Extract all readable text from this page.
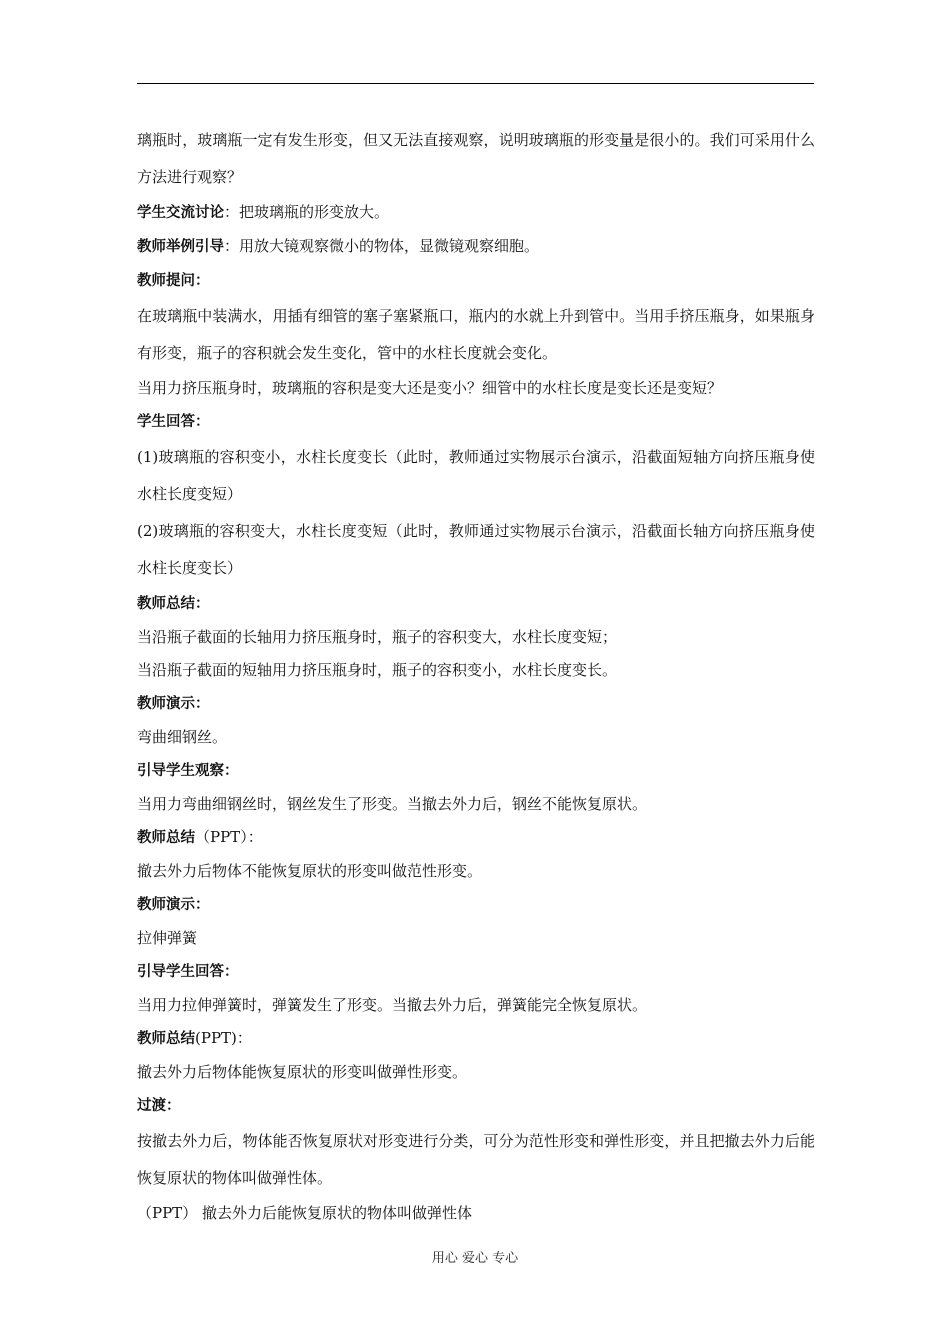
璃瓶时，玻璃瓶一定有发生形变，但又无法直接观察，说明玻璃瓶的形变量是很小的。我们可采用什么方法进行观察？

学生交流讨论：把玻璃瓶的形变放大。

教师举例引导：用放大镜观察微小的物体，显微镜观察细胞。

教师提问：

在玻璃瓶中装满水，用插有细管的塞子塞紧瓶口，瓶内的水就上升到管中。当用手挤压瓶身，如果瓶身有形变，瓶子的容积就会发生变化，管中的水柱长度就会变化。

当用力挤压瓶身时，玻璃瓶的容积是变大还是变小？细管中的水柱长度是变长还是变短？

学生回答：

(1)玻璃瓶的容积变小，水柱长度变长（此时，教师通过实物展示台演示，沿截面短轴方向挤压瓶身使水柱长度变短）

(2)玻璃瓶的容积变大，水柱长度变短（此时，教师通过实物展示台演示，沿截面长轴方向挤压瓶身使水柱长度变长）

教师总结：

当沿瓶子截面的长轴用力挤压瓶身时，瓶子的容积变大，水柱长度变短；

当沿瓶子截面的短轴用力挤压瓶身时，瓶子的容积变小，水柱长度变长。

教师演示：

弯曲细钢丝。

引导学生观察：

当用力弯曲细钢丝时，钢丝发生了形变。当撤去外力后，钢丝不能恢复原状。

教师总结（PPT）：

撤去外力后物体不能恢复原状的形变叫做范性形变。

教师演示：

拉伸弹簧

引导学生回答：

当用力拉伸弹簧时，弹簧发生了形变。当撤去外力后，弹簧能完全恢复原状。

教师总结(PPT)：

撤去外力后物体能恢复原状的形变叫做弹性形变。

过渡：

按撤去外力后，物体能否恢复原状对形变进行分类，可分为范性形变和弹性形变，并且把撤去外力后能恢复原状的物体叫做弹性体。

（PPT） 撤去外力后能恢复原状的物体叫做弹性体

用心 爱心 专心
